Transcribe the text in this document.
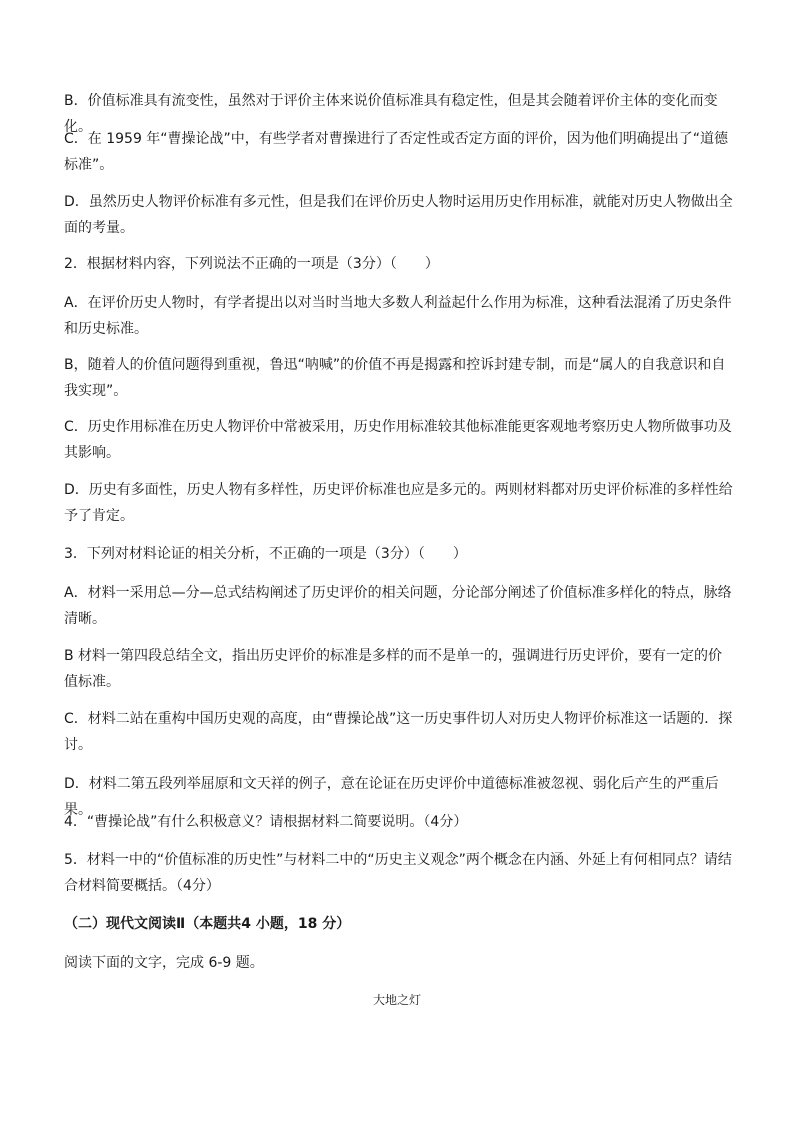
B．价值标准具有流变性，虽然对于评价主体来说价值标准具有稳定性，但是其会随着评价主体的变化而变化。

C．在 1959 年“曹操论战”中，有些学者对曹操进行了否定性或否定方面的评价，因为他们明确提出了“道德标准”。

D．虽然历史人物评价标准有多元性，但是我们在评价历史人物时运用历史作用标准，就能对历史人物做出全面的考量。

2．根据材料内容，下列说法不正确的一项是（3分）（　　）

A．在评价历史人物时，有学者提出以对当时当地大多数人利益起什么作用为标准，这种看法混淆了历史条件和历史标准。

B，随着人的价值问题得到重视，鲁迅“呐喊”的价值不再是揭露和控诉封建专制，而是“属人的自我意识和自我实现”。

C．历史作用标准在历史人物评价中常被采用，历史作用标准较其他标准能更客观地考察历史人物所做事功及其影响。

D．历史有多面性，历史人物有多样性，历史评价标准也应是多元的。两则材料都对历史评价标准的多样性给予了肯定。

3．下列对材料论证的相关分析，不正确的一项是（3分）（　　）

A．材料一采用总—分—总式结构阐述了历史评价的相关问题，分论部分阐述了价值标准多样化的特点，脉络清晰。

B 材料一第四段总结全文，指出历史评价的标准是多样的而不是单一的，强调进行历史评价，要有一定的价值标准。

C．材料二站在重构中国历史观的高度，由“曹操论战”这一历史事件切人对历史人物评价标准这一话题的．探讨。

D．材料二第五段列举屈原和文天祥的例子，意在论证在历史评价中道德标准被忽视、弱化后产生的严重后果。

4．“曹操论战”有什么积极意义？请根据材料二简要说明。（4分）

5．材料一中的“价值标准的历史性”与材料二中的“历史主义观念”两个概念在内涵、外延上有何相同点？请结合材料简要概括。（4分）

（二）现代文阅读Ⅱ（本题共4 小题，18 分）

阅读下面的文字，完成 6-9 题。

大地之灯
